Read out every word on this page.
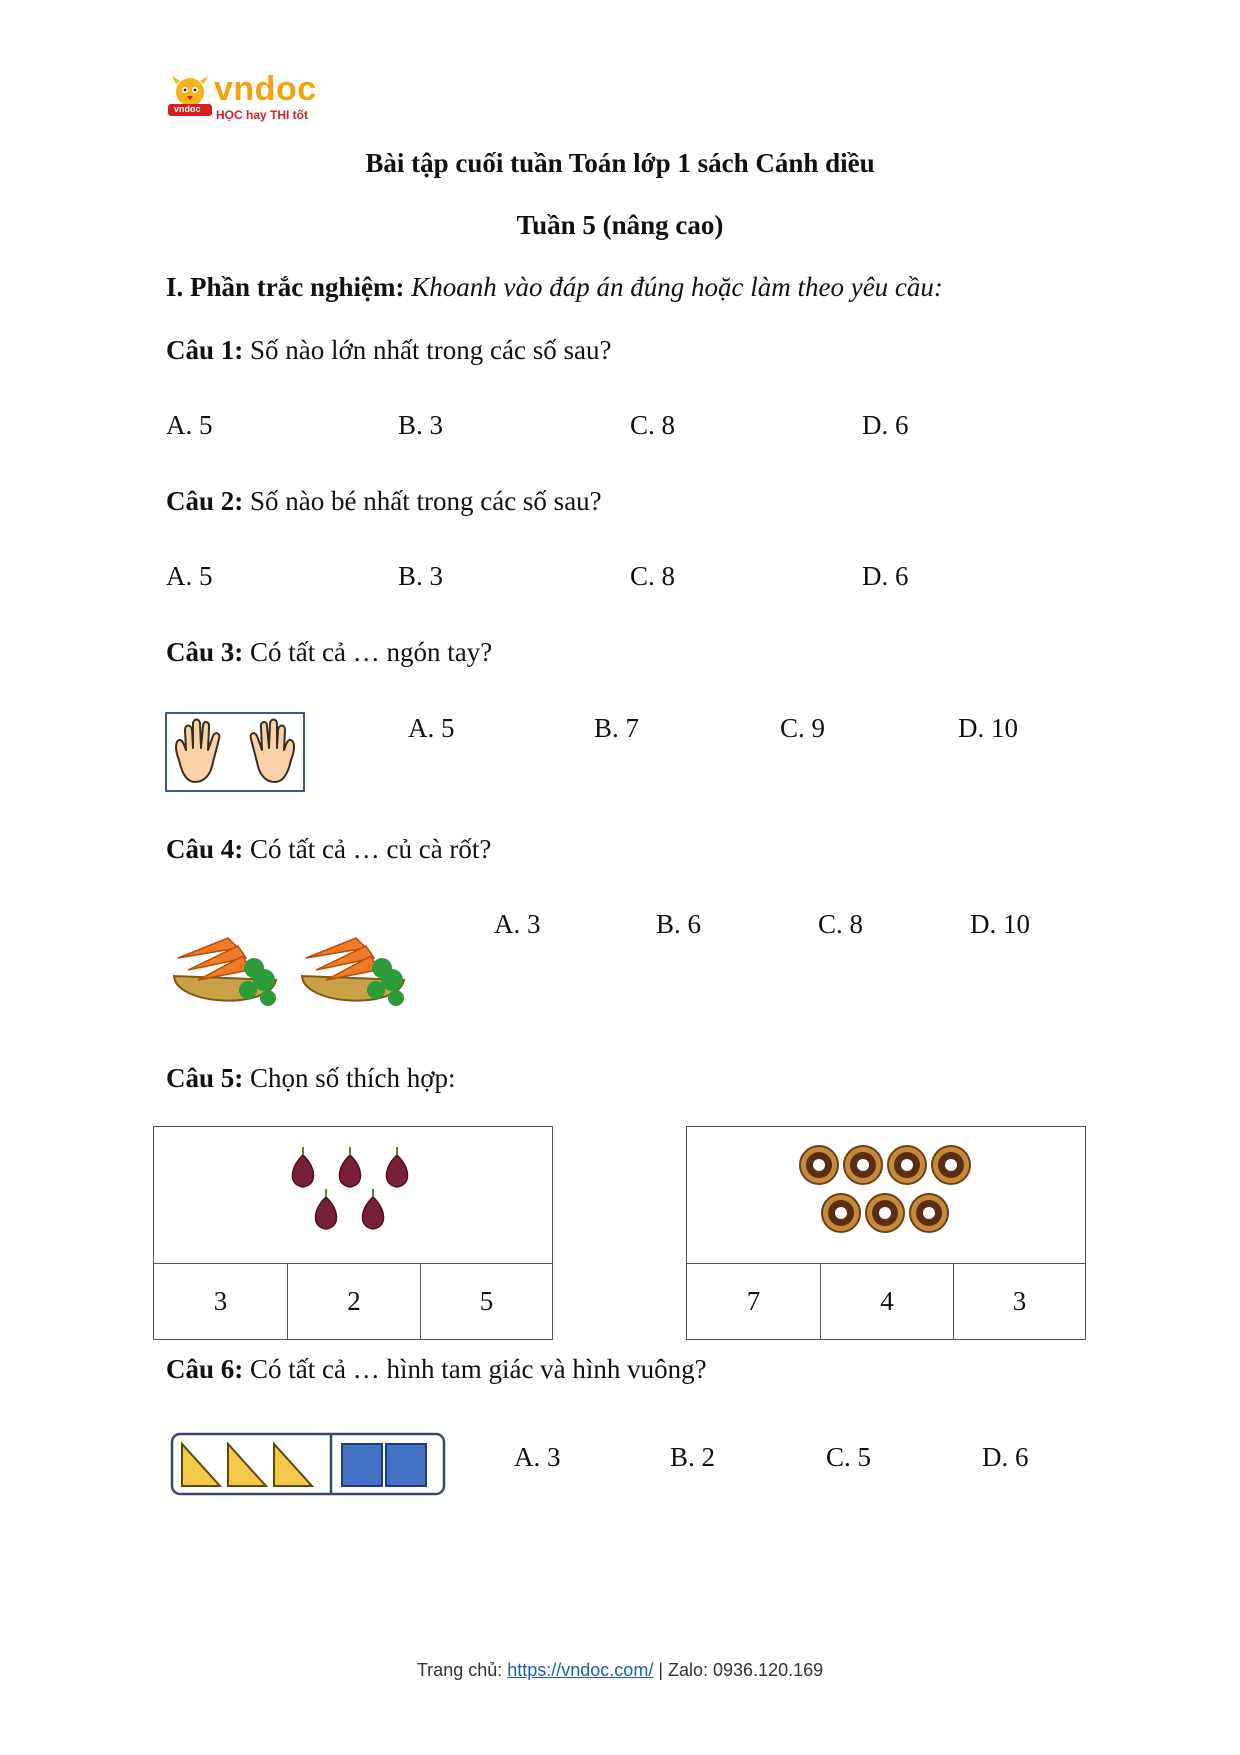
vndoc
vndoc
HỌC hay THI tốt
Bài tập cuối tuần Toán lớp 1 sách Cánh diều
Tuần 5 (nâng cao)
I. Phần trắc nghiệm: Khoanh vào đáp án đúng hoặc làm theo yêu cầu:
Câu 1: Số nào lớn nhất trong các số sau?
A. 5	B. 3	C. 8	D. 6
Câu 2: Số nào bé nhất trong các số sau?
A. 5	B. 3	C. 8	D. 6
Câu 3: Có tất cả … ngón tay?
A. 5	B. 7	C. 9	D. 10
Câu 4: Có tất cả … củ cà rốt?
A. 3	B. 6	C. 8	D. 10
Câu 5: Chọn số thích hợp:
3	2	5	7	4	3
Câu 6: Có tất cả … hình tam giác và hình vuông?
A. 3	B. 2	C. 5	D. 6
Trang chủ: https://vndoc.com/ | Zalo: 0936.120.169
